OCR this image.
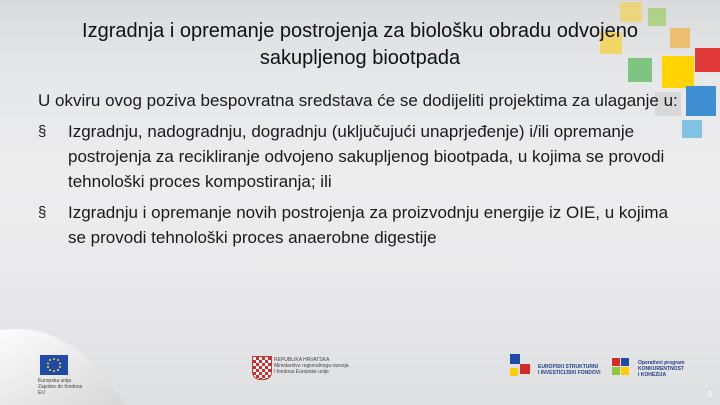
Izgradnja i opremanje postrojenja za biološku obradu odvojeno
sakupljenog biootpada

U okviru ovog poziva bespovratna sredstava će se dodijeliti projektima za ulaganje u:

§ Izgradnju, nadogradnju, dogradnju (uključujući unaprjeđenje) i/ili opremanje postrojenja za recikliranje odvojeno sakupljenog biootpada, u kojima se provodi tehnološki proces kompostiranja; ili
§ Izgradnju i opremanje novih postrojenja za proizvodnju energije iz OIE, u kojima se provodi tehnološki proces anaerobne digestije
Europska unija
Zajedno do fondova EU
REPUBLIKA HRVATSKA
Ministarstvo regionalnoga razvoja
i fondova Europske unije
EUROPSKI STRUKTURNI
I INVESTICIJSKI FONDOVI
Operativni program
KONKURENTNOST
I KOHEZIJA
3
